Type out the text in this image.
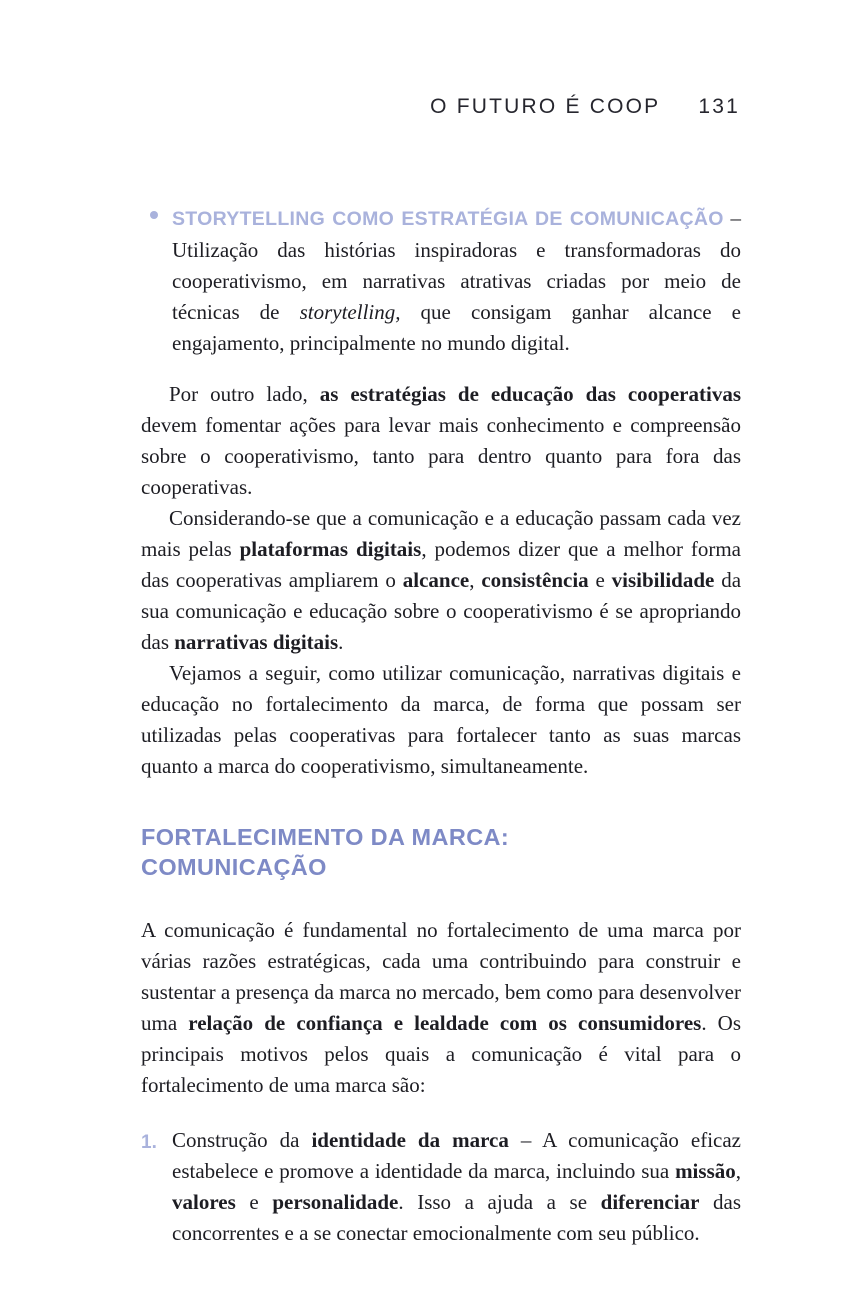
O FUTURO É COOP 131

STORYTELLING COMO ESTRATÉGIA DE COMUNICAÇÃO – Utilização das histórias inspiradoras e transformadoras do cooperativismo, em narrativas atrativas criadas por meio de técnicas de storytelling, que consigam ganhar alcance e engajamento, principalmente no mundo digital.

Por outro lado, as estratégias de educação das cooperativas devem fomentar ações para levar mais conhecimento e compreensão sobre o cooperativismo, tanto para dentro quanto para fora das cooperativas.

Considerando-se que a comunicação e a educação passam cada vez mais pelas plataformas digitais, podemos dizer que a melhor forma das cooperativas ampliarem o alcance, consistência e visibilidade da sua comunicação e educação sobre o cooperativismo é se apropriando das narrativas digitais.

Vejamos a seguir, como utilizar comunicação, narrativas digitais e educação no fortalecimento da marca, de forma que possam ser utilizadas pelas cooperativas para fortalecer tanto as suas marcas quanto a marca do cooperativismo, simultaneamente.

FORTALECIMENTO DA MARCA:
COMUNICAÇÃO

A comunicação é fundamental no fortalecimento de uma marca por várias razões estratégicas, cada uma contribuindo para construir e sustentar a presença da marca no mercado, bem como para desenvolver uma relação de confiança e lealdade com os consumidores. Os principais motivos pelos quais a comunicação é vital para o fortalecimento de uma marca são:

1. Construção da identidade da marca – A comunicação eficaz estabelece e promove a identidade da marca, incluindo sua missão, valores e personalidade. Isso a ajuda a se diferenciar das concorrentes e a se conectar emocionalmente com seu público.
